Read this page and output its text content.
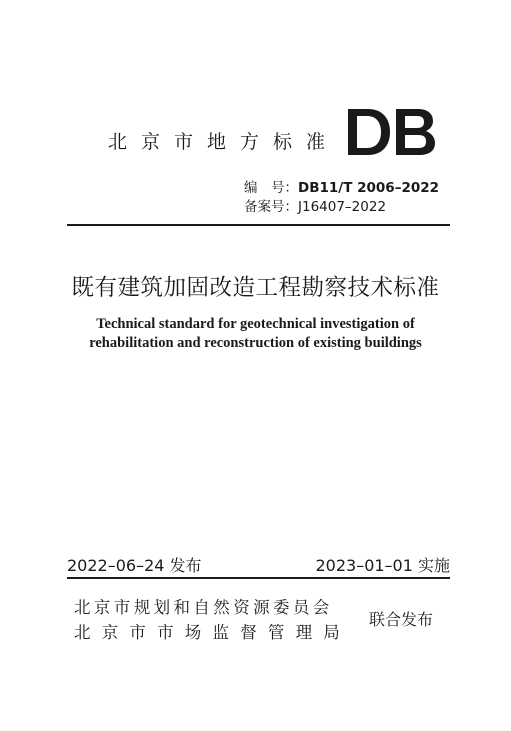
北京市地方标准
编　号：DB11/T 2006–2022
备案号：J16407–2022
既有建筑加固改造工程勘察技术标准
Technical standard for geotechnical investigation of
rehabilitation and reconstruction of existing buildings
2022–06–24 发布	2023–01–01 实施
北京市规划和自然资源委员会
北京市市场监督管理局
联合发布
